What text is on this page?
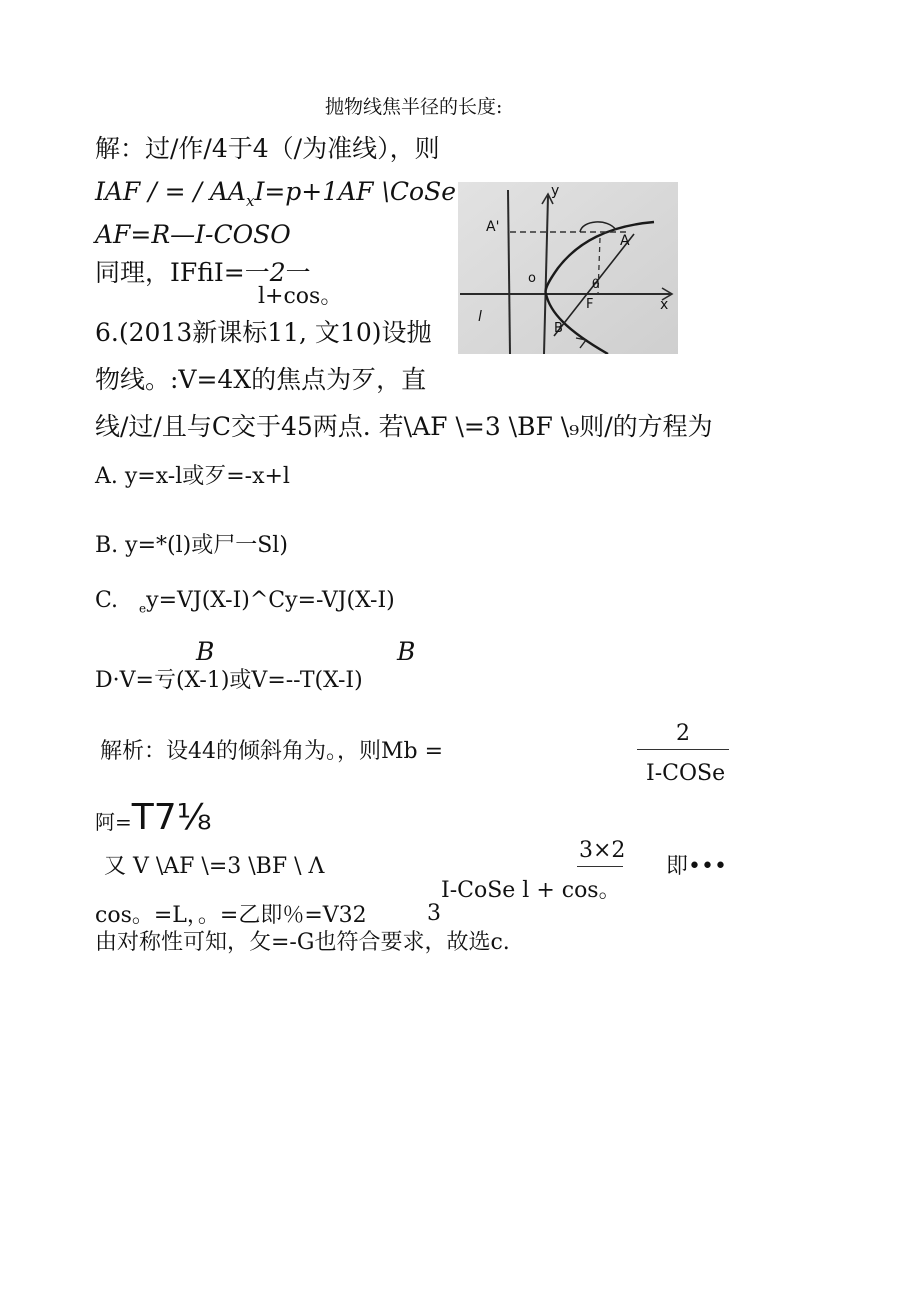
抛物线焦半径的长度:
解：过/作/4于4（/为准线），则
IAF / = / $AA_xI=p+1AF$ \CoSe
AF=R—I-COSO
同理，IFfiI=一2一
l+cos。
y
x
A'
A
o
F
θ
B
l
6.(2013新课标11, 文10)设抛
物线。:V=4X的焦点为歹，直
线/过/且与C交于45两点. 若\AF \=3 \BF \₉则/的方程为
A. y=x-l或歹=-x+l
B. y=*(l)或尸一Sl)
C. $_e$y=VJ(X-I)^Cy=-VJ(X-I)
B	B
D·V=亏(X-1)或V=--T(X-I)
解析：设44的倾斜角为。，则Mb =
2
I-COSe
阿=T7⅛
又 V \AF \=3 \BF \ Λ
3×2
I-CoSe l + cos。
即•••
cos。=L，。=乙即％=V32	3
由对称性可知，攵=-G也符合要求，故选c.
